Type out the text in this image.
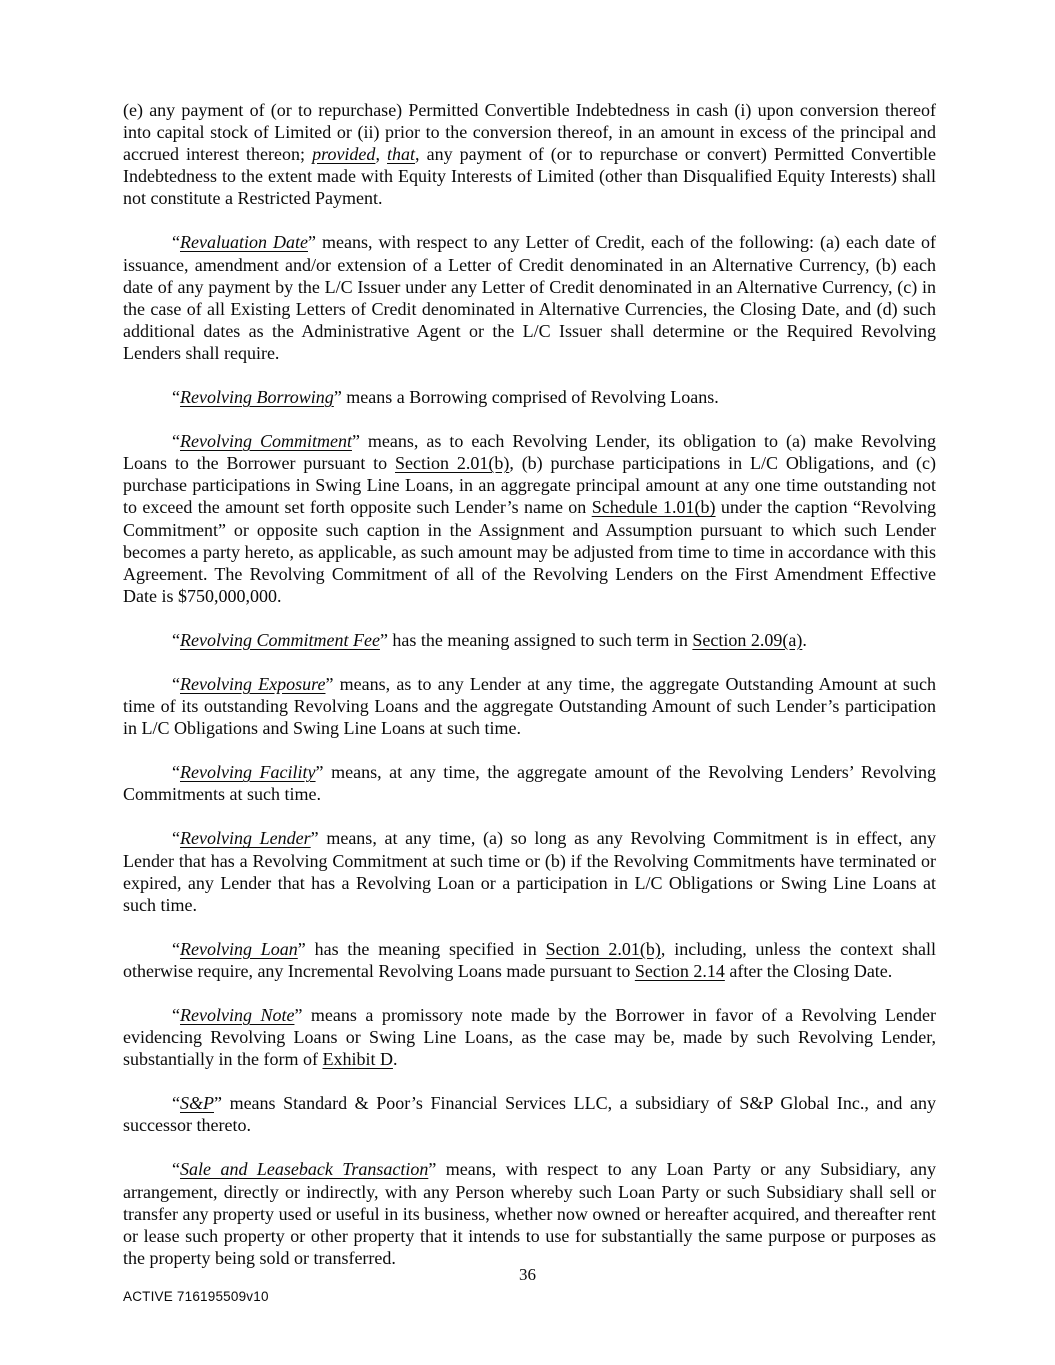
(e) any payment of (or to repurchase) Permitted Convertible Indebtedness in cash (i) upon conversion thereof into capital stock of Limited or (ii) prior to the conversion thereof, in an amount in excess of the principal and accrued interest thereon; provided, that, any payment of (or to repurchase or convert) Permitted Convertible Indebtedness to the extent made with Equity Interests of Limited (other than Disqualified Equity Interests) shall not constitute a Restricted Payment.

“Revaluation Date” means, with respect to any Letter of Credit, each of the following: (a) each date of issuance, amendment and/or extension of a Letter of Credit denominated in an Alternative Currency, (b) each date of any payment by the L/C Issuer under any Letter of Credit denominated in an Alternative Currency, (c) in the case of all Existing Letters of Credit denominated in Alternative Currencies, the Closing Date, and (d) such additional dates as the Administrative Agent or the L/C Issuer shall determine or the Required Revolving Lenders shall require.

“Revolving Borrowing” means a Borrowing comprised of Revolving Loans.

“Revolving Commitment” means, as to each Revolving Lender, its obligation to (a) make Revolving Loans to the Borrower pursuant to Section 2.01(b), (b) purchase participations in L/C Obligations, and (c) purchase participations in Swing Line Loans, in an aggregate principal amount at any one time outstanding not to exceed the amount set forth opposite such Lender’s name on Schedule 1.01(b) under the caption “Revolving Commitment” or opposite such caption in the Assignment and Assumption pursuant to which such Lender becomes a party hereto, as applicable, as such amount may be adjusted from time to time in accordance with this Agreement. The Revolving Commitment of all of the Revolving Lenders on the First Amendment Effective Date is $750,000,000.

“Revolving Commitment Fee” has the meaning assigned to such term in Section 2.09(a).

“Revolving Exposure” means, as to any Lender at any time, the aggregate Outstanding Amount at such time of its outstanding Revolving Loans and the aggregate Outstanding Amount of such Lender’s participation in L/C Obligations and Swing Line Loans at such time.

“Revolving Facility” means, at any time, the aggregate amount of the Revolving Lenders’ Revolving Commitments at such time.

“Revolving Lender” means, at any time, (a) so long as any Revolving Commitment is in effect, any Lender that has a Revolving Commitment at such time or (b) if the Revolving Commitments have terminated or expired, any Lender that has a Revolving Loan or a participation in L/C Obligations or Swing Line Loans at such time.

“Revolving Loan” has the meaning specified in Section 2.01(b), including, unless the context shall otherwise require, any Incremental Revolving Loans made pursuant to Section 2.14 after the Closing Date.

“Revolving Note” means a promissory note made by the Borrower in favor of a Revolving Lender evidencing Revolving Loans or Swing Line Loans, as the case may be, made by such Revolving Lender, substantially in the form of Exhibit D.

“S&P” means Standard & Poor’s Financial Services LLC, a subsidiary of S&P Global Inc., and any successor thereto.

“Sale and Leaseback Transaction” means, with respect to any Loan Party or any Subsidiary, any arrangement, directly or indirectly, with any Person whereby such Loan Party or such Subsidiary shall sell or transfer any property used or useful in its business, whether now owned or hereafter acquired, and thereafter rent or lease such property or other property that it intends to use for substantially the same purpose or purposes as the property being sold or transferred.

36
ACTIVE 716195509v10
